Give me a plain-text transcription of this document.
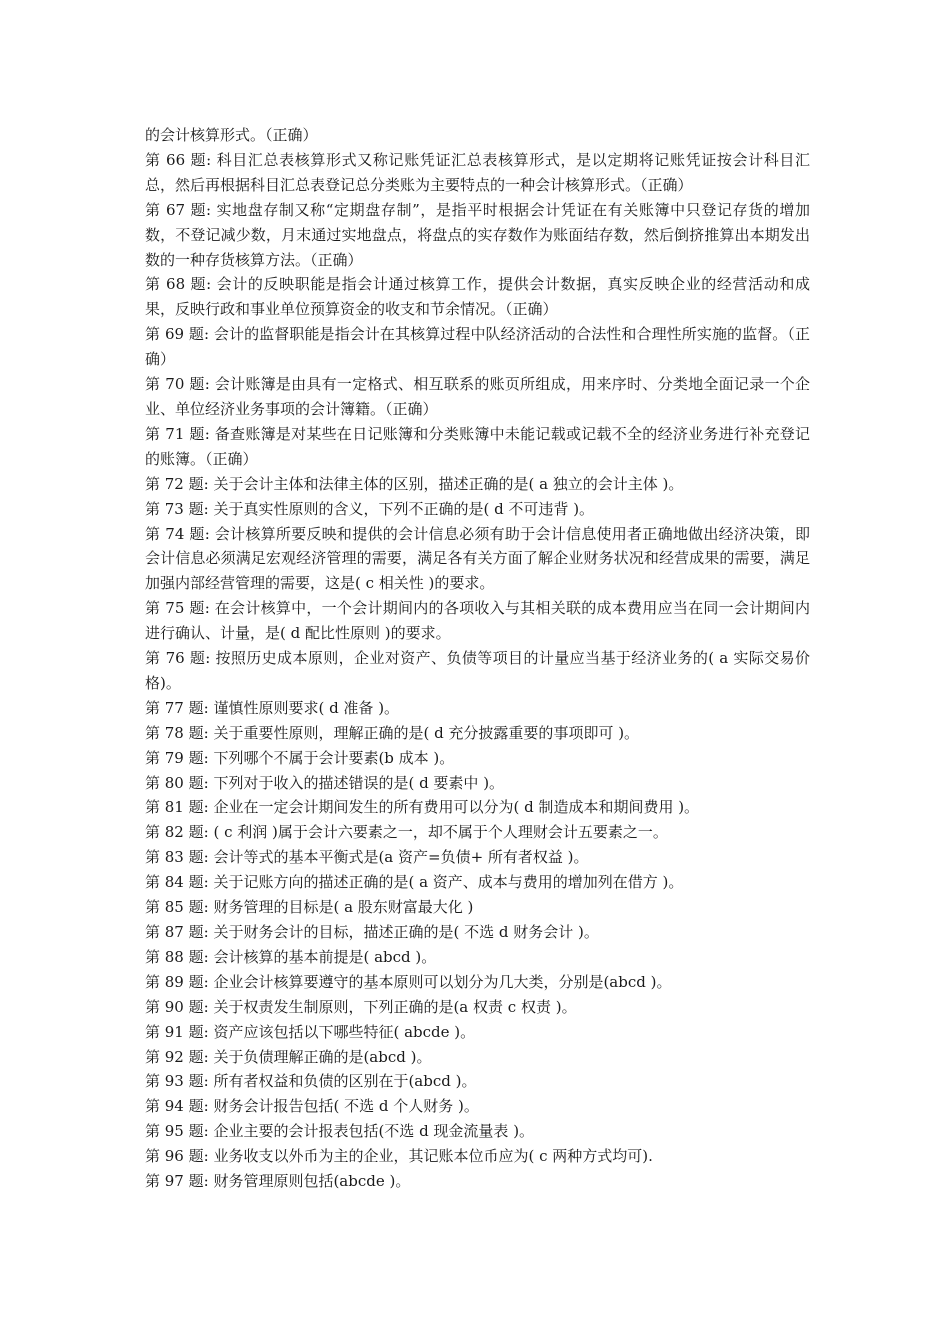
的会计核算形式。（正确）

第 66 题: 科目汇总表核算形式又称记账凭证汇总表核算形式，是以定期将记账凭证按会计科目汇总，然后再根据科目汇总表登记总分类账为主要特点的一种会计核算形式。（正确）

第 67 题: 实地盘存制又称“定期盘存制”，是指平时根据会计凭证在有关账簿中只登记存货的增加数，不登记减少数，月末通过实地盘点，将盘点的实存数作为账面结存数，然后倒挤推算出本期发出数的一种存货核算方法。（正确）

第 68 题: 会计的反映职能是指会计通过核算工作，提供会计数据，真实反映企业的经营活动和成果，反映行政和事业单位预算资金的收支和节余情况。（正确）

第 69 题: 会计的监督职能是指会计在其核算过程中队经济活动的合法性和合理性所实施的监督。（正确）

第 70 题: 会计账簿是由具有一定格式、相互联系的账页所组成，用来序时、分类地全面记录一个企业、单位经济业务事项的会计簿籍。（正确）

第 71 题: 备查账簿是对某些在日记账簿和分类账簿中未能记载或记载不全的经济业务进行补充登记的账簿。（正确）

第 72 题: 关于会计主体和法律主体的区别，描述正确的是( a 独立的会计主体 )。

第 73 题: 关于真实性原则的含义，下列不正确的是( d 不可违背 )。

第 74 题: 会计核算所要反映和提供的会计信息必须有助于会计信息使用者正确地做出经济决策，即会计信息必须满足宏观经济管理的需要，满足各有关方面了解企业财务状况和经营成果的需要，满足加强内部经营管理的需要，这是( c 相关性 )的要求。

第 75 题: 在会计核算中，一个会计期间内的各项收入与其相关联的成本费用应当在同一会计期间内进行确认、计量，是( d 配比性原则 )的要求。

第 76 题: 按照历史成本原则，企业对资产、负债等项目的计量应当基于经济业务的( a 实际交易价格)。

第 77 题: 谨慎性原则要求( d 准备 )。

第 78 题: 关于重要性原则，理解正确的是( d 充分披露重要的事项即可 )。

第 79 题: 下列哪个不属于会计要素(b 成本 )。

第 80 题: 下列对于收入的描述错误的是( d 要素中 )。

第 81 题: 企业在一定会计期间发生的所有费用可以分为( d 制造成本和期间费用 )。

第 82 题: ( c 利润 )属于会计六要素之一，却不属于个人理财会计五要素之一。

第 83 题: 会计等式的基本平衡式是(a 资产=负债+ 所有者权益 )。

第 84 题: 关于记账方向的描述正确的是( a 资产、成本与费用的增加列在借方 )。

第 85 题: 财务管理的目标是( a 股东财富最大化 )

第 87 题: 关于财务会计的目标，描述正确的是( 不选 d 财务会计 )。

第 88 题: 会计核算的基本前提是( abcd )。

第 89 题: 企业会计核算要遵守的基本原则可以划分为几大类，分别是(abcd )。

第 90 题: 关于权责发生制原则，下列正确的是(a 权责 c 权责 )。

第 91 题: 资产应该包括以下哪些特征( abcde )。

第 92 题: 关于负债理解正确的是(abcd )。

第 93 题: 所有者权益和负债的区别在于(abcd )。

第 94 题: 财务会计报告包括( 不选 d 个人财务 )。

第 95 题: 企业主要的会计报表包括(不选 d 现金流量表 )。

第 96 题: 业务收支以外币为主的企业，其记账本位币应为( c 两种方式均可).

第 97 题: 财务管理原则包括(abcde )。
